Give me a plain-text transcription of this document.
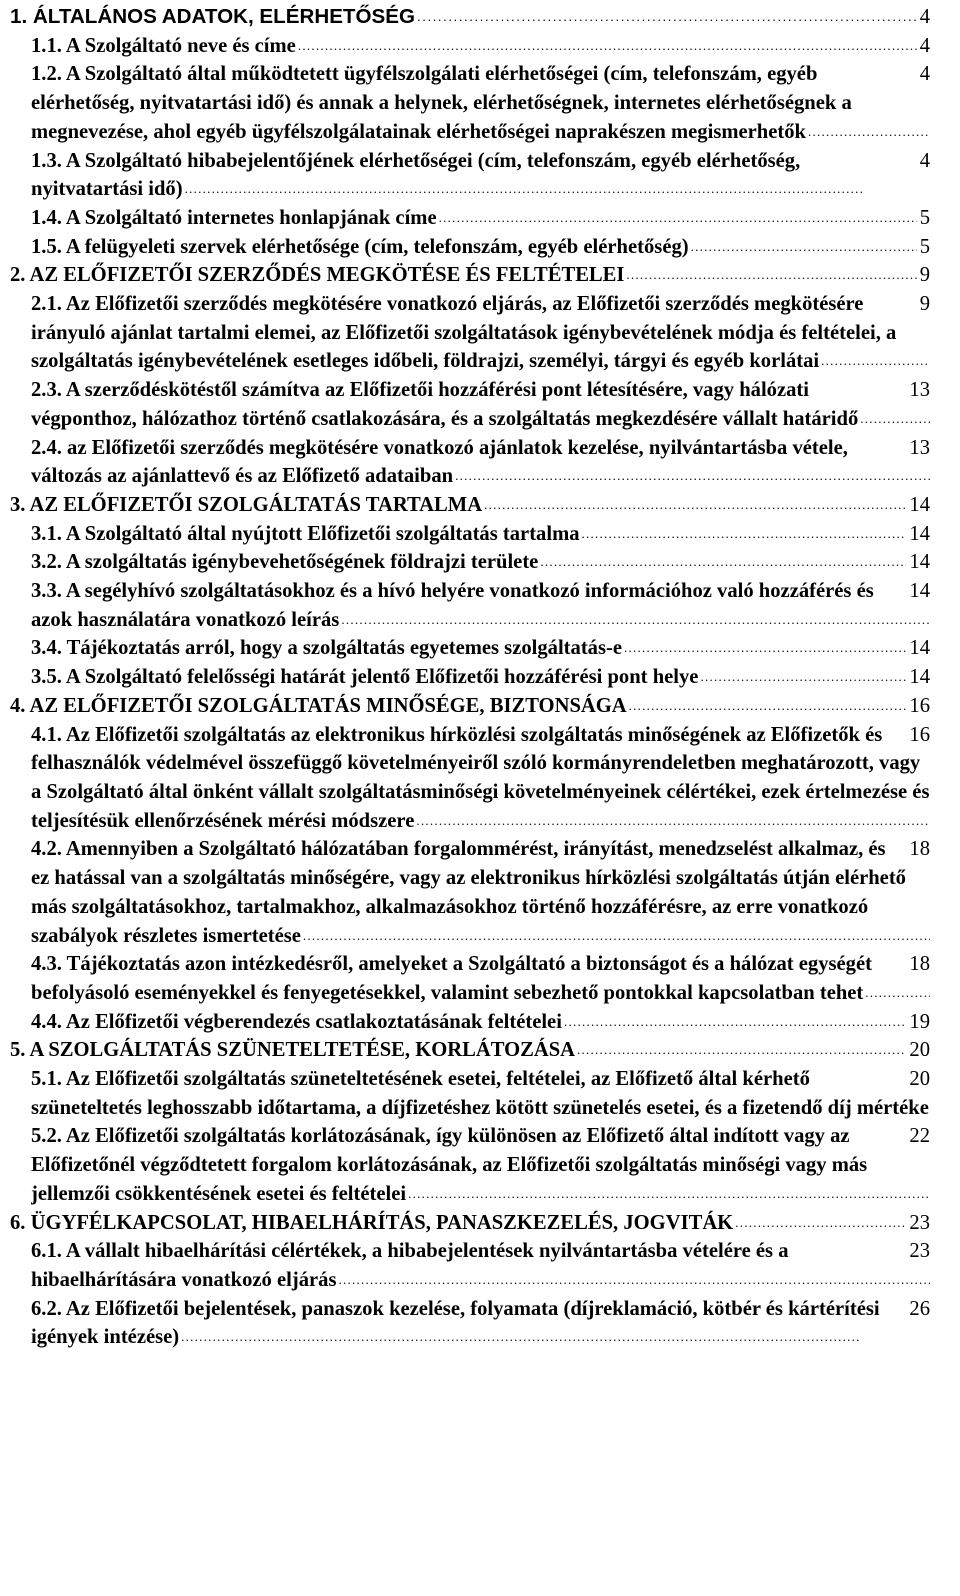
4
1. ÁLTALÁNOS ADATOK, ELÉRHETŐSÉG . . .
4
1.1. A Szolgáltató neve és címe . . .
4
1.2. A Szolgáltató által működtetett ügyfélszolgálati elérhetőségei (cím, telefonszám, egyéb elérhetőség, nyitvatartási idő) és annak a helynek, elérhetőségnek, internetes elérhetőségnek a megnevezése, ahol egyéb ügyfélszolgálatainak elérhetőségei naprakészen megismerhetők . . .
4
1.3. A Szolgáltató hibabejelentőjének elérhetőségei (cím, telefonszám, egyéb elérhetőség, nyitvatartási idő) . . .
5
1.4. A Szolgáltató internetes honlapjának címe . . .
5
1.5. A felügyeleti szervek elérhetősége (cím, telefonszám, egyéb elérhetőség) . . .
9
2. AZ ELŐFIZETŐI SZERZŐDÉS MEGKÖTÉSE ÉS FELTÉTELEI . . .
9
2.1. Az Előfizetői szerződés megkötésére vonatkozó eljárás, az Előfizetői szerződés megkötésére irányuló ajánlat tartalmi elemei, az Előfizetői szolgáltatások igénybevételének módja és feltételei, a szolgáltatás igénybevételének esetleges időbeli, földrajzi, személyi, tárgyi és egyéb korlátai . . .
13
2.3. A szerződéskötéstől számítva az Előfizetői hozzáférési pont létesítésére, vagy hálózati végponthoz, hálózathoz történő csatlakozására, és a szolgáltatás megkezdésére vállalt határidő . . .
13
2.4. az Előfizetői szerződés megkötésére vonatkozó ajánlatok kezelése, nyilvántartásba vétele, változás az ajánlattevő és az Előfizető adataiban . . .
14
3. AZ ELŐFIZETŐI SZOLGÁLTATÁS TARTALMA . . .
14
3.1. A Szolgáltató által nyújtott Előfizetői szolgáltatás tartalma . . .
14
3.2. A szolgáltatás igénybevehetőségének földrajzi területe . . .
14
3.3. A segélyhívó szolgáltatásokhoz és a hívó helyére vonatkozó információhoz való hozzáférés és azok használatára vonatkozó leírás . . .
14
3.4. Tájékoztatás arról, hogy a szolgáltatás egyetemes szolgáltatás-e . . .
14
3.5. A Szolgáltató felelősségi határát jelentő Előfizetői hozzáférési pont helye . . .
16
4. AZ ELŐFIZETŐI SZOLGÁLTATÁS MINŐSÉGE, BIZTONSÁGA . . .
16
4.1. Az Előfizetői szolgáltatás az elektronikus hírközlési szolgáltatás minőségének az Előfizetők és felhasználók védelmével összefüggő követelményeiről szóló kormányrendeletben meghatározott, vagy a Szolgáltató által önként vállalt szolgáltatásminőségi követelményeinek célértékei, ezek értelmezése és teljesítésük ellenőrzésének mérési módszere . . .
18
4.2. Amennyiben a Szolgáltató hálózatában forgalommérést, irányítást, menedzselést alkalmaz, és ez hatással van a szolgáltatás minőségére, vagy az elektronikus hírközlési szolgáltatás útján elérhető más szolgáltatásokhoz, tartalmakhoz, alkalmazásokhoz történő hozzáférésre, az erre vonatkozó szabályok részletes ismertetése . . .
18
4.3. Tájékoztatás azon intézkedésről, amelyeket a Szolgáltató a biztonságot és a hálózat egységét befolyásoló eseményekkel és fenyegetésekkel, valamint sebezhető pontokkal kapcsolatban tehet . . .
19
4.4. Az Előfizetői végberendezés csatlakoztatásának feltételei . . .
20
5. A SZOLGÁLTATÁS SZÜNETELTETÉSE, KORLÁTOZÁSA . . .
20
5.1. Az Előfizetői szolgáltatás szüneteltetésének esetei, feltételei, az Előfizető által kérhető szüneteltetés leghosszabb időtartama, a díjfizetéshez kötött szünetelés esetei, és a fizetendő díj mértéke . . .
22
5.2. Az Előfizetői szolgáltatás korlátozásának, így különösen az Előfizető által indított vagy az Előfizetőnél végződtetett forgalom korlátozásának, az Előfizetői szolgáltatás minőségi vagy más jellemzői csökkentésének esetei és feltételei . . .
23
6. ÜGYFÉLKAPCSOLAT, HIBAELHÁRÍTÁS, PANASZKEZELÉS, JOGVITÁK . . .
23
6.1. A vállalt hibaelhárítási célértékek, a hibabejelentések nyilvántartásba vételére és a hibaelhárítására vonatkozó eljárás . . .
26
6.2. Az Előfizetői bejelentések, panaszok kezelése, folyamata (díjreklamáció, kötbér és kártérítési igények intézése) . . .
